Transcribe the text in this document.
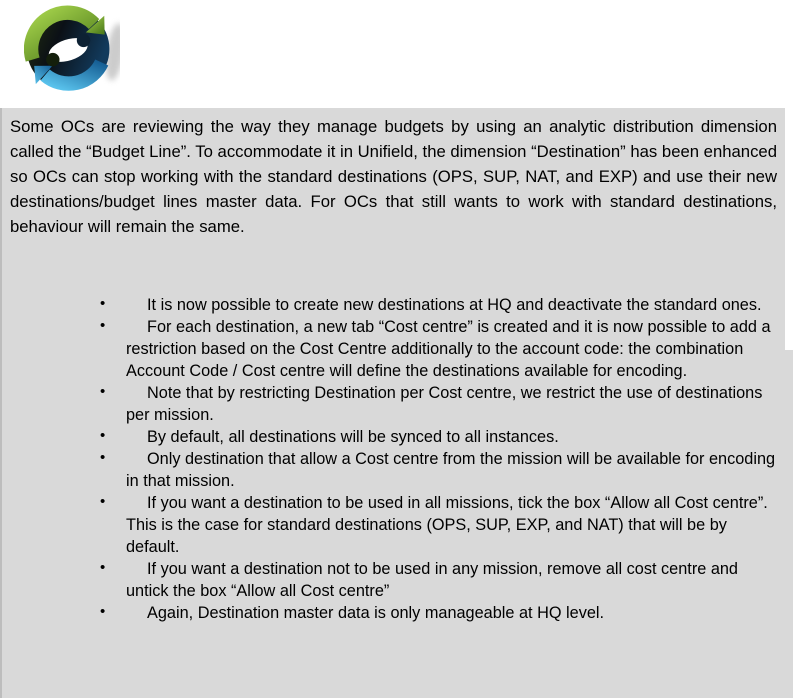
Some OCs are reviewing the way they manage budgets by using an analytic distribution dimension called the “Budget Line”. To accommodate it in Unifield, the dimension “Destination” has been enhanced so OCs can stop working with the standard destinations (OPS, SUP, NAT, and EXP) and use their new destinations/budget lines master data. For OCs that still wants to work with standard destinations, behaviour will remain the same.

•	It is now possible to create new destinations at HQ and deactivate the standard ones.
•	For each destination, a new tab “Cost centre” is created and it is now possible to add a restriction based on the Cost Centre additionally to the account code: the combination Account Code / Cost centre will define the destinations available for encoding.
•	Note that by restricting Destination per Cost centre, we restrict the use of destinations per mission.
•	By default, all destinations will be synced to all instances.
•	Only destination that allow a Cost centre from the mission will be available for encoding in that mission.
•	If you want a destination to be used in all missions, tick the box “Allow all Cost centre”. This is the case for standard destinations (OPS, SUP, EXP, and NAT) that will be by default.
•	If you want a destination not to be used in any mission, remove all cost centre and untick the box “Allow all Cost centre”
•	Again, Destination master data is only manageable at HQ level.
